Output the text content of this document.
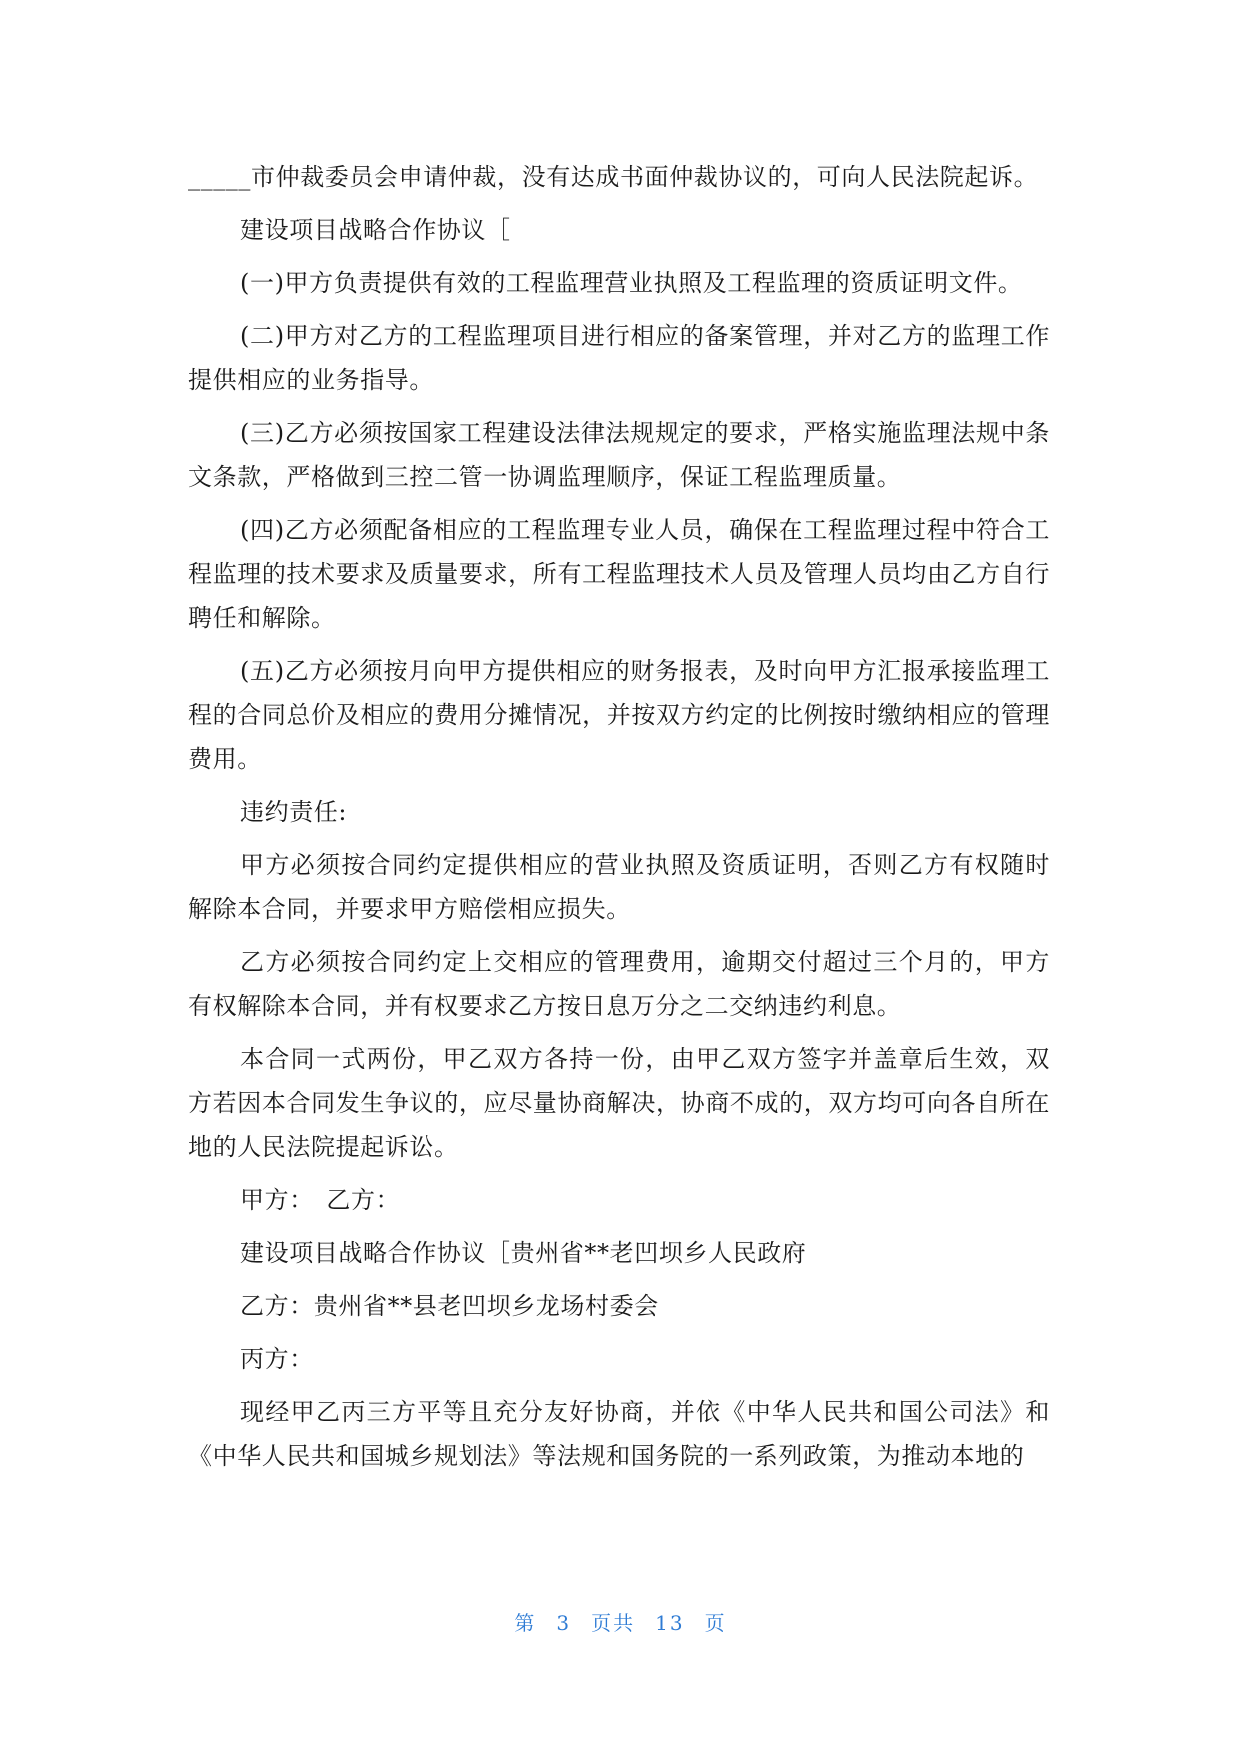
_____市仲裁委员会申请仲裁，没有达成书面仲裁协议的，可向人民法院起诉。

建设项目战略合作协议［

(一)甲方负责提供有效的工程监理营业执照及工程监理的资质证明文件。

(二)甲方对乙方的工程监理项目进行相应的备案管理，并对乙方的监理工作提供相应的业务指导。

(三)乙方必须按国家工程建设法律法规规定的要求，严格实施监理法规中条文条款，严格做到三控二管一协调监理顺序，保证工程监理质量。

(四)乙方必须配备相应的工程监理专业人员，确保在工程监理过程中符合工程监理的技术要求及质量要求，所有工程监理技术人员及管理人员均由乙方自行聘任和解除。

(五)乙方必须按月向甲方提供相应的财务报表，及时向甲方汇报承接监理工程的合同总价及相应的费用分摊情况，并按双方约定的比例按时缴纳相应的管理费用。

违约责任:

甲方必须按合同约定提供相应的营业执照及资质证明，否则乙方有权随时解除本合同，并要求甲方赔偿相应损失。

乙方必须按合同约定上交相应的管理费用，逾期交付超过三个月的，甲方有权解除本合同，并有权要求乙方按日息万分之二交纳违约利息。

本合同一式两份，甲乙双方各持一份，由甲乙双方签字并盖章后生效，双方若因本合同发生争议的，应尽量协商解决，协商不成的，双方均可向各自所在地的人民法院提起诉讼。

甲方：　乙方：

建设项目战略合作协议［贵州省**老凹坝乡人民政府

乙方：贵州省**县老凹坝乡龙场村委会

丙方：

现经甲乙丙三方平等且充分友好协商，并依《中华人民共和国公司法》和《中华人民共和国城乡规划法》等法规和国务院的一系列政策，为推动本地的

第 3 页共 13 页
